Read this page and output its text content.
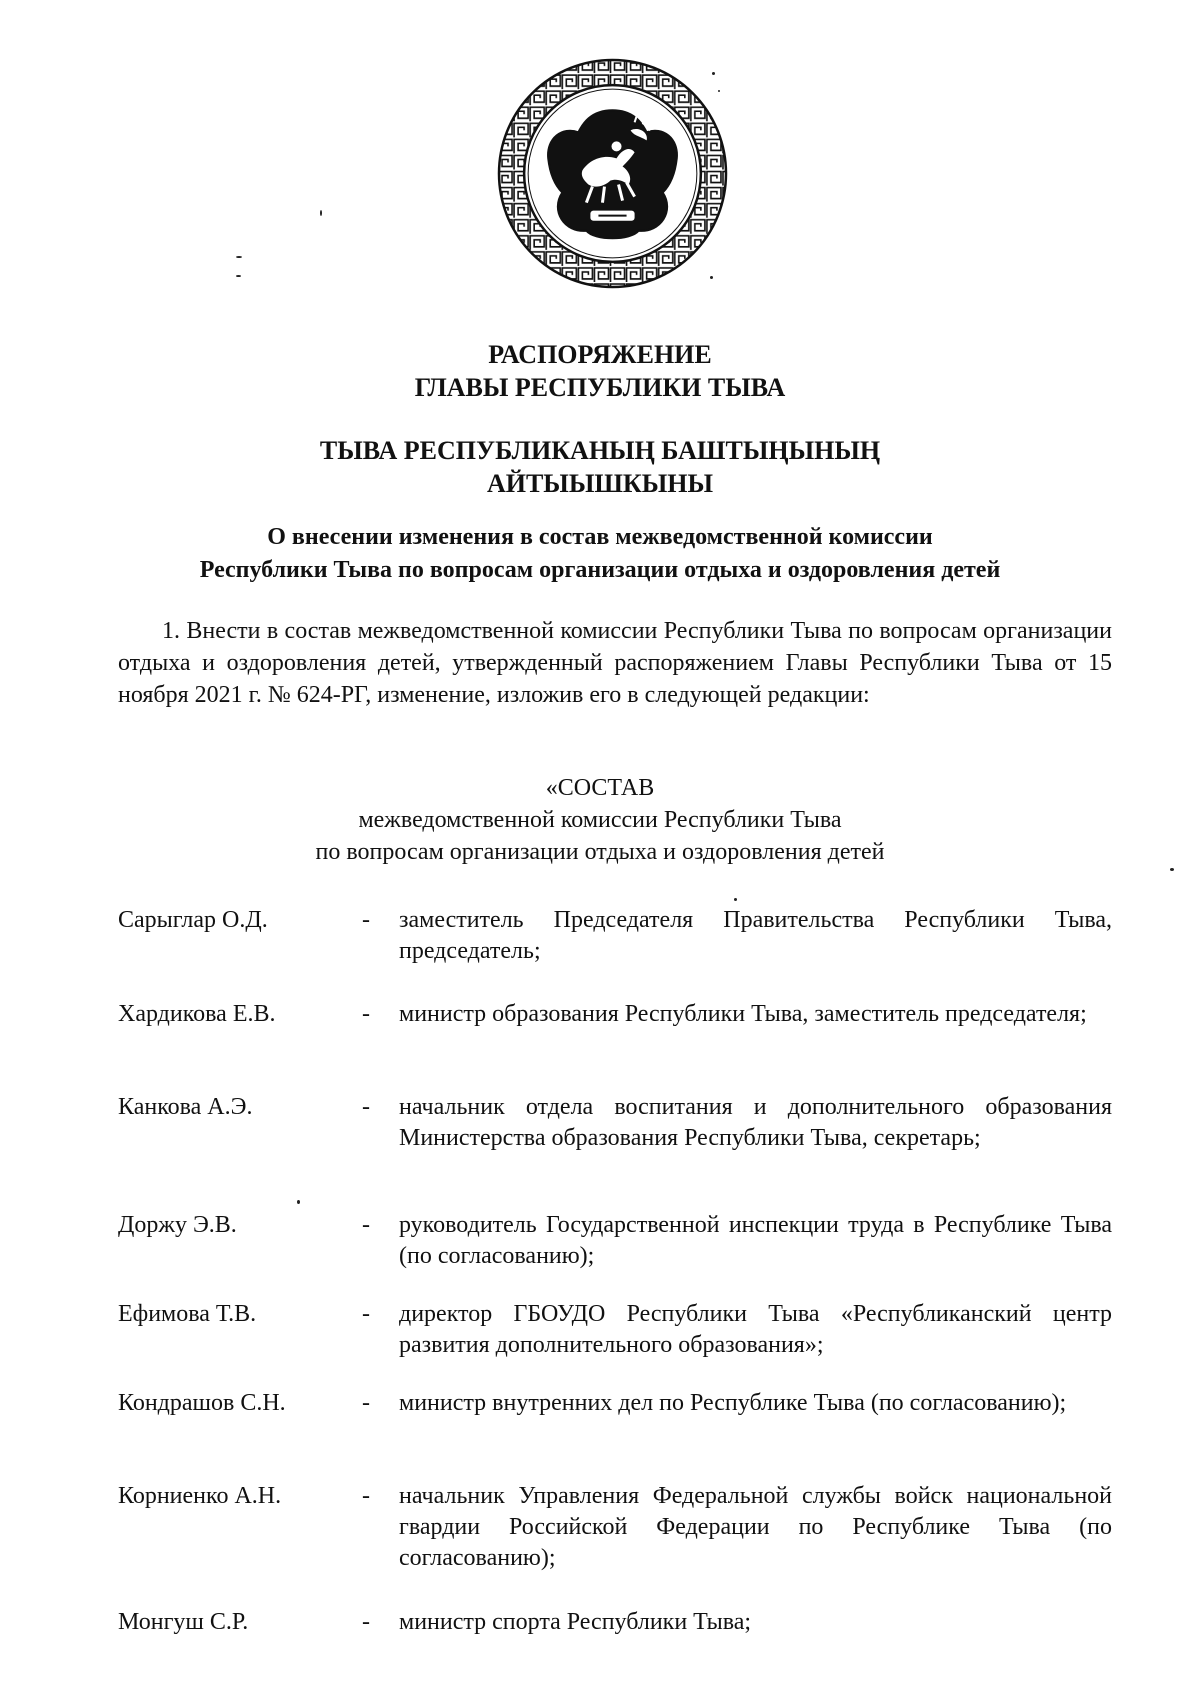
РАСПОРЯЖЕНИЕ
ГЛАВЫ РЕСПУБЛИКИ ТЫВА
ТЫВА РЕСПУБЛИКАНЫҢ БАШТЫҢЫНЫҢ
АЙТЫЫШКЫНЫ
О внесении изменения в состав межведомственной комиссии
Республики Тыва по вопросам организации отдыха и оздоровления детей
1. Внести в состав межведомственной комиссии Республики Тыва по вопросам организации отдыха и оздоровления детей, утвержденный распоряжением Главы Республики Тыва от 15 ноября 2021 г. № 624-РГ, изменение, изложив его в следующей редакции:
«СОСТАВ
межведомственной комиссии Республики Тыва
по вопросам организации отдыха и оздоровления детей
Сарыглар О.Д.	- заместитель Председателя Правительства Республики Тыва, председатель;
Хардикова Е.В.	- министр образования Республики Тыва, заместитель председателя;
Канкова А.Э.	- начальник отдела воспитания и дополнительного образования Министерства образования Республики Тыва, секретарь;
Доржу Э.В.	- руководитель Государственной инспекции труда в Республике Тыва (по согласованию);
Ефимова Т.В.	- директор ГБОУДО Республики Тыва «Республиканский центр развития дополнительного образования»;
Кондрашов С.Н.	- министр внутренних дел по Республике Тыва (по согласованию);
Корниенко А.Н.	- начальник Управления Федеральной службы войск национальной гвардии Российской Федерации по Республике Тыва (по согласованию);
Монгуш С.Р.	- министр спорта Республики Тыва;
